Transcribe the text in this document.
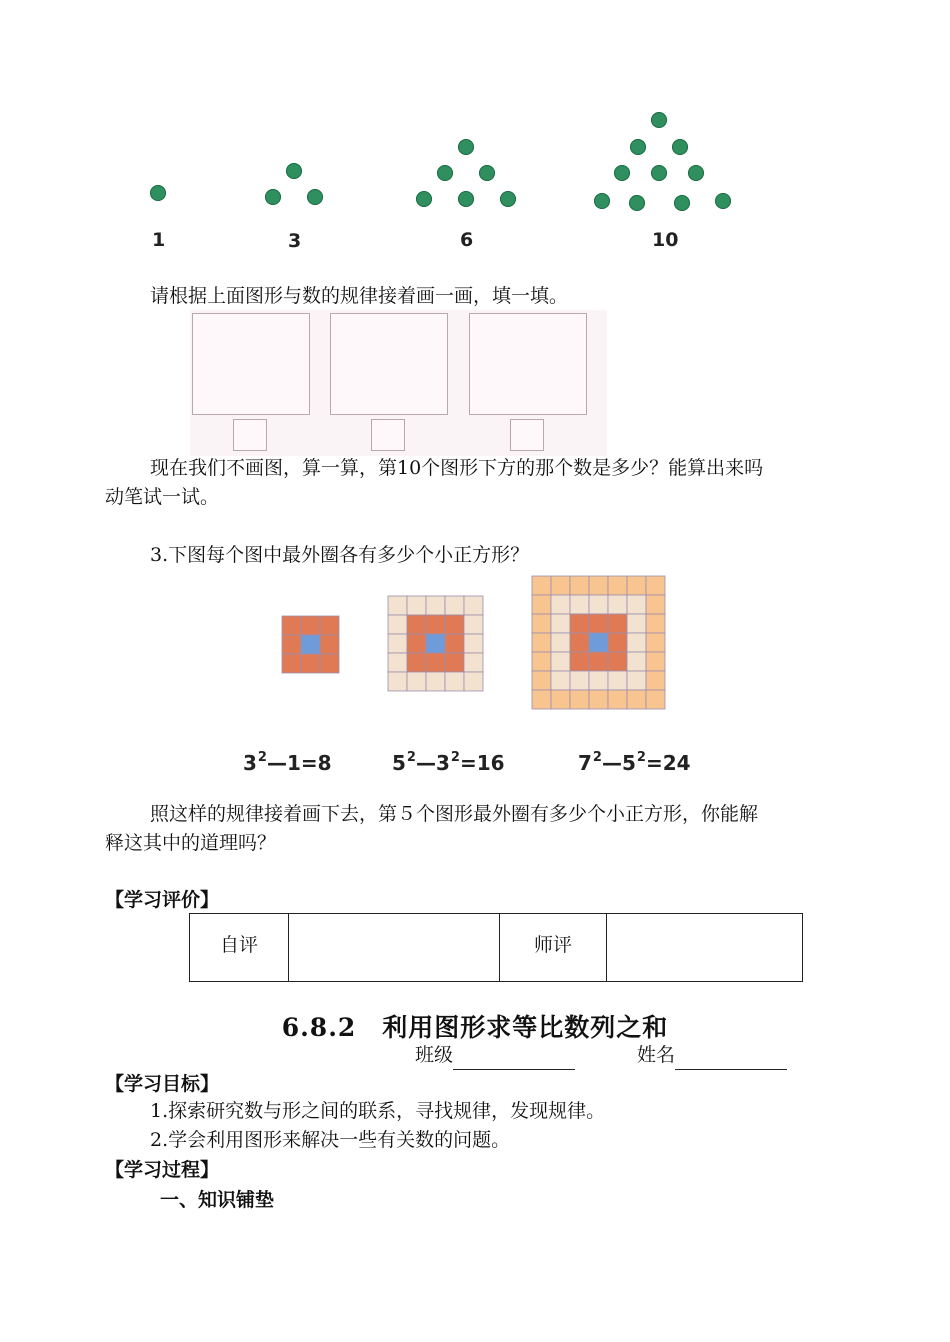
1	3	6	10
请根据上面图形与数的规律接着画一画，填一填。
现在我们不画图，算一算，第10个图形下方的那个数是多少？能算出来吗
动笔试一试。
3.下图每个图中最外圈各有多少个小正方形？
$3^2—1=8$	$5^2—3^2=16$	$7^2—5^2=24$
照这样的规律接着画下去，第５个图形最外圈有多少个小正方形，你能解
释这其中的道理吗？
【学习评价】
自评		师评	
6.8.2　利用图形求等比数列之和
班级	姓名
【学习目标】
1.探索研究数与形之间的联系，寻找规律，发现规律。
2.学会利用图形来解决一些有关数的问题。
【学习过程】
一、知识铺垫
